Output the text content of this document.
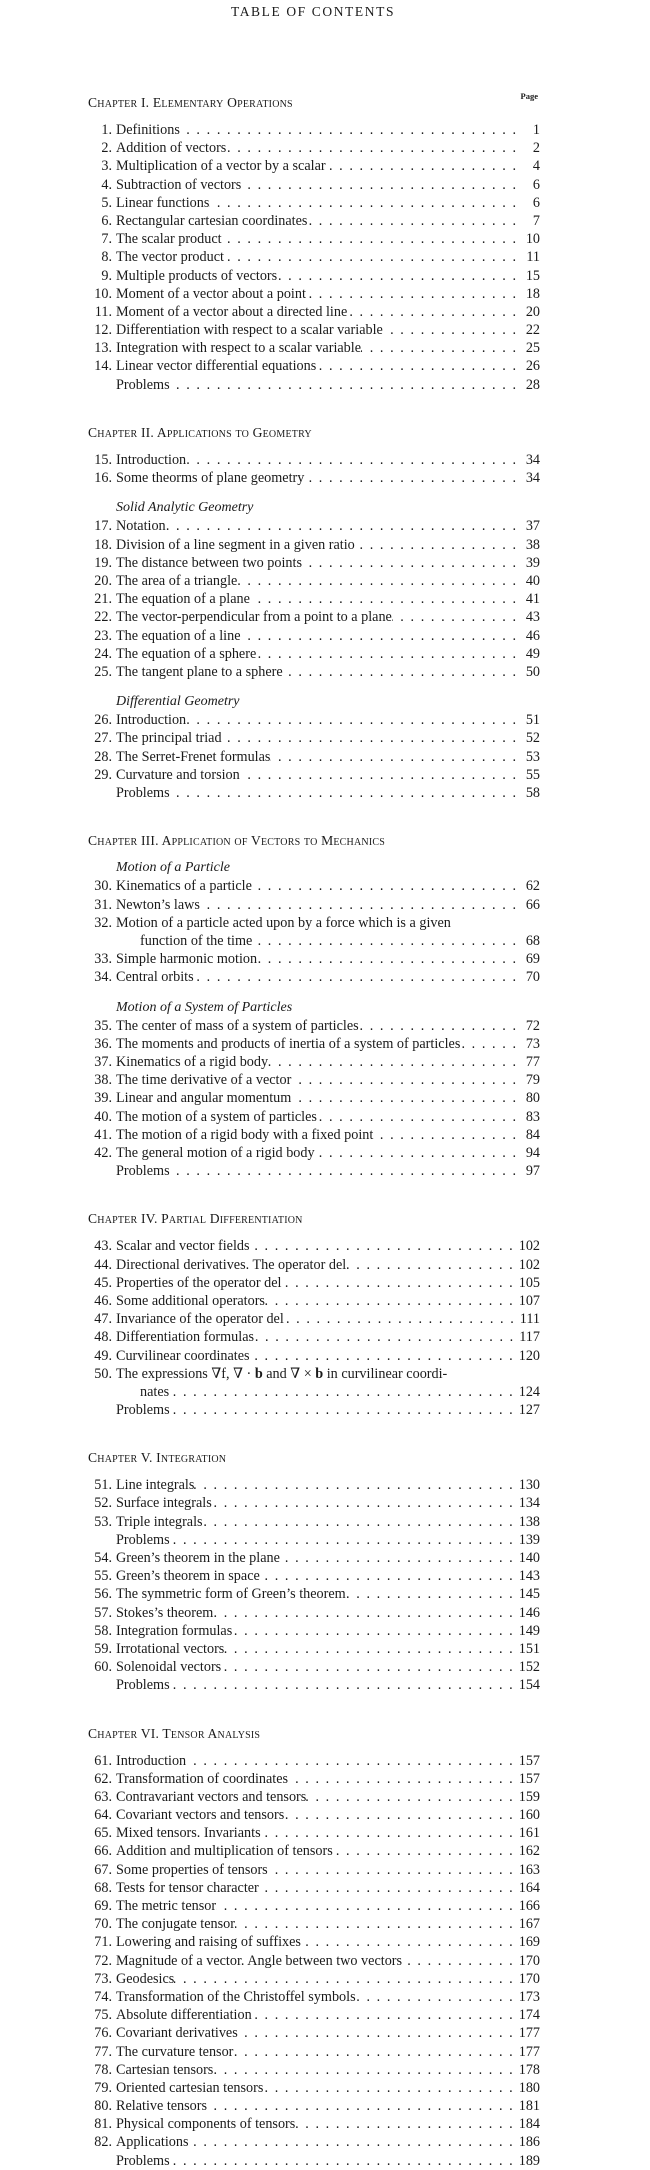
TABLE OF CONTENTS
Chapter I. Elementary Operations	Page
1. Definitions . . .	1
2. Addition of vectors . . .	2
3. Multiplication of a vector by a scalar . . .	4
4. Subtraction of vectors . . .	6
5. Linear functions . . .	6
6. Rectangular cartesian coordinates . . .	7
7. The scalar product . . .	10
8. The vector product . . .	11
9. Multiple products of vectors . . .	15
10. Moment of a vector about a point . . .	18
11. Moment of a vector about a directed line . . .	20
12. Differentiation with respect to a scalar variable . . .	22
13. Integration with respect to a scalar variable . . .	25
14. Linear vector differential equations . . .	26
Problems . . .	28
Chapter II. Applications to Geometry
15. Introduction . . .	34
16. Some theorms of plane geometry . . .	34
Solid Analytic Geometry
17. Notation . . .	37
18. Division of a line segment in a given ratio . . .	38
19. The distance between two points . . .	39
20. The area of a triangle . . .	40
21. The equation of a plane . . .	41
22. The vector-perpendicular from a point to a plane . . .	43
23. The equation of a line . . .	46
24. The equation of a sphere . . .	49
25. The tangent plane to a sphere . . .	50
Differential Geometry
26. Introduction . . .	51
27. The principal triad . . .	52
28. The Serret-Frenet formulas . . .	53
29. Curvature and torsion . . .	55
Problems . . .	58
Chapter III. Application of Vectors to Mechanics
Motion of a Particle
30. Kinematics of a particle . . .	62
31. Newton’s laws . . .	66
32. Motion of a particle acted upon by a force which is a given
function of the time . . .	68
33. Simple harmonic motion . . .	69
34. Central orbits . . .	70
Motion of a System of Particles
35. The center of mass of a system of particles . . .	72
36. The moments and products of inertia of a system of particles . . .	73
37. Kinematics of a rigid body . . .	77
38. The time derivative of a vector . . .	79
39. Linear and angular momentum . . .	80
40. The motion of a system of particles . . .	83
41. The motion of a rigid body with a fixed point . . .	84
42. The general motion of a rigid body . . .	94
Problems . . .	97
Chapter IV. Partial Differentiation
43. Scalar and vector fields . . .	102
44. Directional derivatives. The operator del . . .	102
45. Properties of the operator del . . .	105
46. Some additional operators . . .	107
47. Invariance of the operator del . . .	111
48. Differentiation formulas . . .	117
49. Curvilinear coordinates . . .	120
50. The expressions ∇f, ∇ · b and ∇ × b in curvilinear coordi-
nates . . .	124
Problems . . .	127
Chapter V. Integration
51. Line integrals . . .	130
52. Surface integrals . . .	134
53. Triple integrals . . .	138
Problems . . .	139
54. Green’s theorem in the plane . . .	140
55. Green’s theorem in space . . .	143
56. The symmetric form of Green’s theorem . . .	145
57. Stokes’s theorem . . .	146
58. Integration formulas . . .	149
59. Irrotational vectors . . .	151
60. Solenoidal vectors . . .	152
Problems . . .	154
Chapter VI. Tensor Analysis
61. Introduction . . .	157
62. Transformation of coordinates . . .	157
63. Contravariant vectors and tensors . . .	159
64. Covariant vectors and tensors . . .	160
65. Mixed tensors. Invariants . . .	161
66. Addition and multiplication of tensors . . .	162
67. Some properties of tensors . . .	163
68. Tests for tensor character . . .	164
69. The metric tensor . . .	166
70. The conjugate tensor . . .	167
71. Lowering and raising of suffixes . . .	169
72. Magnitude of a vector. Angle between two vectors . . .	170
73. Geodesics . . .	170
74. Transformation of the Christoffel symbols . . .	173
75. Absolute differentiation . . .	174
76. Covariant derivatives . . .	177
77. The curvature tensor . . .	177
78. Cartesian tensors . . .	178
79. Oriented cartesian tensors . . .	180
80. Relative tensors . . .	181
81. Physical components of tensors . . .	184
82. Applications . . .	186
Problems . . .	189
